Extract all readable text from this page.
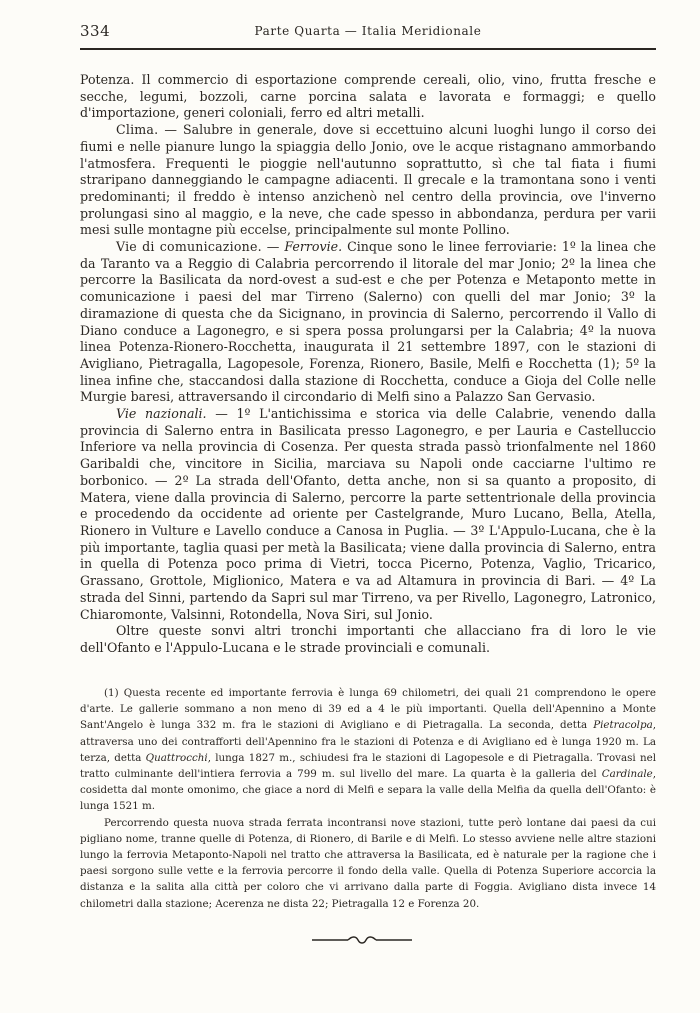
334	Parte Quarta — Italia Meridionale

Potenza. Il commercio di esportazione comprende cereali, olio, vino, frutta fresche e secche, legumi, bozzoli, carne porcina salata e lavorata e formaggi; e quello d'importazione, generi coloniali, ferro ed altri metalli.

Clima. — Salubre in generale, dove si eccettuino alcuni luoghi lungo il corso dei fiumi e nelle pianure lungo la spiaggia dello Jonio, ove le acque ristagnano ammorbando l'atmosfera. Frequenti le pioggie nell'autunno soprattutto, sì che tal fiata i fiumi straripano danneggiando le campagne adiacenti. Il grecale e la tramontana sono i venti predominanti; il freddo è intenso anzichenò nel centro della provincia, ove l'inverno prolungasi sino al maggio, e la neve, che cade spesso in abbondanza, perdura per varii mesi sulle montagne più eccelse, principalmente sul monte Pollino.

Vie di comunicazione. — Ferrovie. Cinque sono le linee ferroviarie: 1º la linea che da Taranto va a Reggio di Calabria percorrendo il litorale del mar Jonio; 2º la linea che percorre la Basilicata da nord-ovest a sud-est e che per Potenza e Metaponto mette in comunicazione i paesi del mar Tirreno (Salerno) con quelli del mar Jonio; 3º la diramazione di questa che da Sicignano, in provincia di Salerno, percorrendo il Vallo di Diano conduce a Lagonegro, e si spera possa prolungarsi per la Calabria; 4º la nuova linea Potenza-Rionero-Rocchetta, inaugurata il 21 settembre 1897, con le stazioni di Avigliano, Pietragalla, Lagopesole, Forenza, Rionero, Basile, Melfi e Rocchetta (1); 5º la linea infine che, staccandosi dalla stazione di Rocchetta, conduce a Gioja del Colle nelle Murgie baresi, attraversando il circondario di Melfi sino a Palazzo San Gervasio.

Vie nazionali. — 1º L'antichissima e storica via delle Calabrie, venendo dalla provincia di Salerno entra in Basilicata presso Lagonegro, e per Lauria e Castelluccio Inferiore va nella provincia di Cosenza. Per questa strada passò trionfalmente nel 1860 Garibaldi che, vincitore in Sicilia, marciava su Napoli onde cacciarne l'ultimo re borbonico. — 2º La strada dell'Ofanto, detta anche, non si sa quanto a proposito, di Matera, viene dalla provincia di Salerno, percorre la parte settentrionale della provincia e procedendo da occidente ad oriente per Castelgrande, Muro Lucano, Bella, Atella, Rionero in Vulture e Lavello conduce a Canosa in Puglia. — 3º L'Appulo-Lucana, che è la più importante, taglia quasi per metà la Basilicata; viene dalla provincia di Salerno, entra in quella di Potenza poco prima di Vietri, tocca Picerno, Potenza, Vaglio, Tricarico, Grassano, Grottole, Miglionico, Matera e va ad Altamura in provincia di Bari. — 4º La strada del Sinni, partendo da Sapri sul mar Tirreno, va per Rivello, Lagonegro, Latronico, Chiaromonte, Valsinni, Rotondella, Nova Siri, sul Jonio.

Oltre queste sonvi altri tronchi importanti che allacciano fra di loro le vie dell'Ofanto e l'Appulo-Lucana e le strade provinciali e comunali.

(1) Questa recente ed importante ferrovia è lunga 69 chilometri, dei quali 21 comprendono le opere d'arte. Le gallerie sommano a non meno di 39 ed a 4 le più importanti. Quella dell'Apennino a Monte Sant'Angelo è lunga 332 m. fra le stazioni di Avigliano e di Pietragalla. La seconda, detta Pietracolpa, attraversa uno dei contrafforti dell'Apennino fra le stazioni di Potenza e di Avigliano ed è lunga 1920 m. La terza, detta Quattrocchi, lunga 1827 m., schiudesi fra le stazioni di Lagopesole e di Pietragalla. Trovasi nel tratto culminante dell'intiera ferrovia a 799 m. sul livello del mare. La quarta è la galleria del Cardinale, cosidetta dal monte omonimo, che giace a nord di Melfi e separa la valle della Melfia da quella dell'Ofanto: è lunga 1521 m.

Percorrendo questa nuova strada ferrata incontransi nove stazioni, tutte però lontane dai paesi da cui pigliano nome, tranne quelle di Potenza, di Rionero, di Barile e di Melfi. Lo stesso avviene nelle altre stazioni lungo la ferrovia Metaponto-Napoli nel tratto che attraversa la Basilicata, ed è naturale per la ragione che i paesi sorgono sulle vette e la ferrovia percorre il fondo della valle. Quella di Potenza Superiore accorcia la distanza e la salita alla città per coloro che vi arrivano dalla parte di Foggia. Avigliano dista invece 14 chilometri dalla stazione; Acerenza ne dista 22; Pietragalla 12 e Forenza 20.
